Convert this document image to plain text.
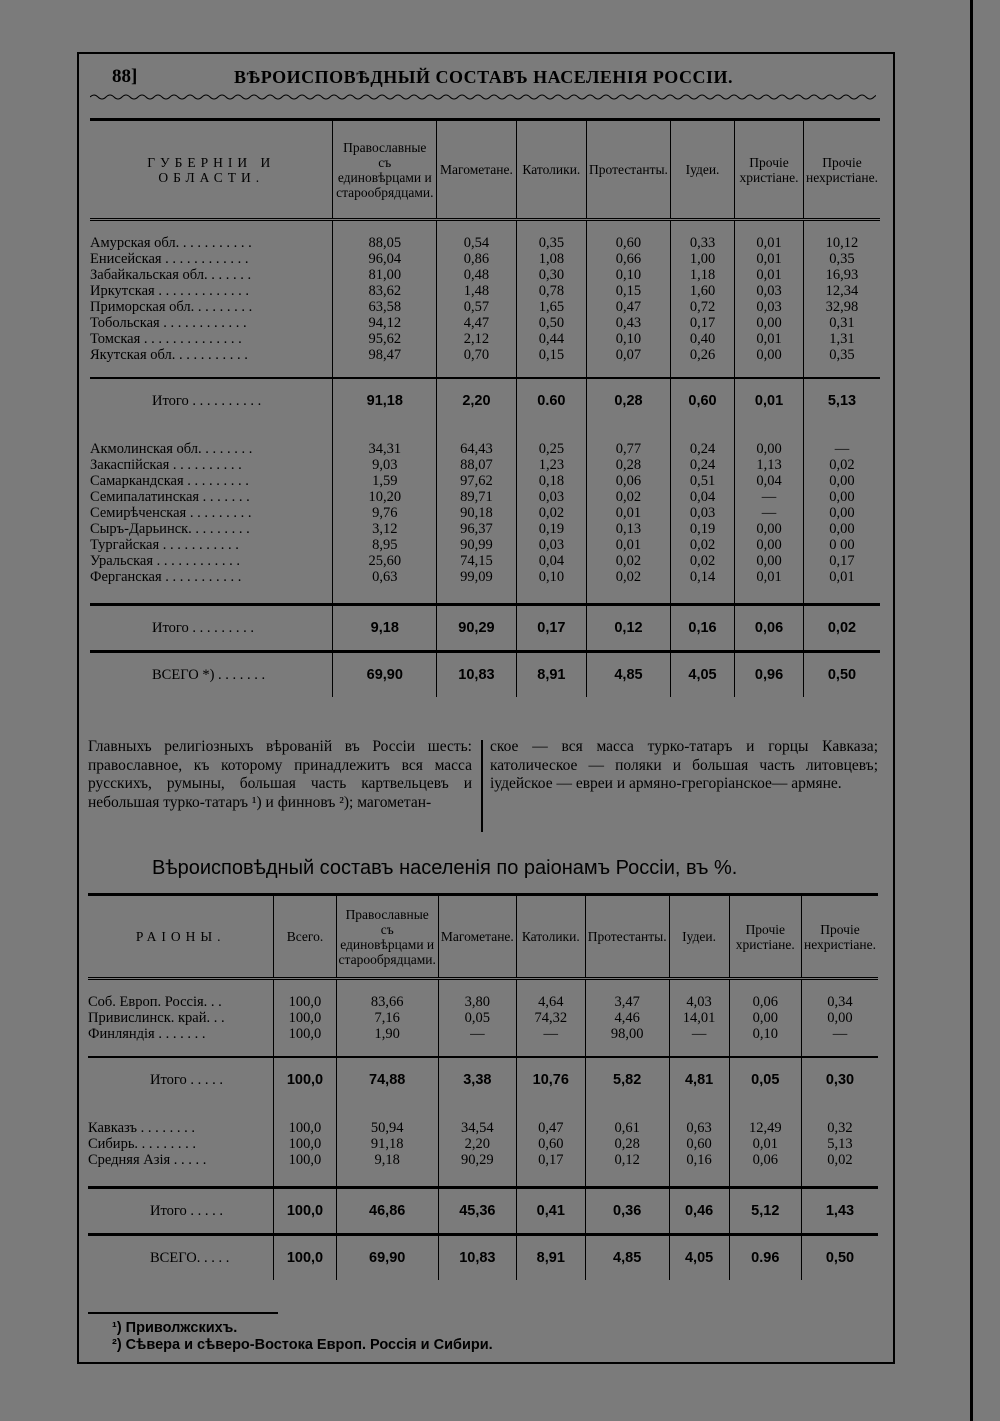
88]	ВѢРОИСПОВѢДНЫЙ СОСТАВЪ НАСЕЛЕНІЯ РОССІИ.
ГУБЕРНІИ И ОБЛАСТИ.	Православные съ единовѣрцами и старообрядцами.	Магометане.	Католики.	Протестанты.	Іудеи.	Прочіе христіане.	Прочіе нехристіане.

Амурская обл. . . . . . . . . . .	88,05	0,54	0,35	0,60	0,33	0,01	10,12
Енисейская . . . . . . . . . . . .	96,04	0,86	1,08	0,66	1,00	0,01	0,35
Забайкальская обл. . . . . . .	81,00	0,48	0,30	0,10	1,18	0,01	16,93
Иркутская . . . . . . . . . . . . .	83,62	1,48	0,78	0,15	1,60	0,03	12,34
Приморская обл. . . . . . . . .	63,58	0,57	1,65	0,47	0,72	0,03	32,98
Тобольская . . . . . . . . . . . .	94,12	4,47	0,50	0,43	0,17	0,00	0,31
Томская . . . . . . . . . . . . . .	95,62	2,12	0,44	0,10	0,40	0,01	1,31
Якутская обл. . . . . . . . . . .	98,47	0,70	0,15	0,07	0,26	0,00	0,35

Итого . . . . . . . . . .	91,18	2,20	0.60	0,28	0,60	0,01	5,13

Акмолинская обл. . . . . . . .	34,31	64,43	0,25	0,77	0,24	0,00	—
Закаспійская . . . . . . . . . .	9,03	88,07	1,23	0,28	0,24	1,13	0,02
Самаркандская . . . . . . . . .	1,59	97,62	0,18	0,06	0,51	0,04	0,00
Семипалатинская . . . . . . .	10,20	89,71	0,03	0,02	0,04	—	0,00
Семирѣченская . . . . . . . . .	9,76	90,18	0,02	0,01	0,03	—	0,00
Сыръ-Дарьинск. . . . . . . . .	3,12	96,37	0,19	0,13	0,19	0,00	0,00
Тургайская . . . . . . . . . . .	8,95	90,99	0,03	0,01	0,02	0,00	0 00
Уральская . . . . . . . . . . . .	25,60	74,15	0,04	0,02	0,02	0,00	0,17
Ферганская . . . . . . . . . . .	0,63	99,09	0,10	0,02	0,14	0,01	0,01

Итого . . . . . . . . .	9,18	90,29	0,17	0,12	0,16	0,06	0,02
ВСЕГО *) . . . . . . .	69,90	10,83	8,91	4,85	4,05	0,96	0,50
Главныхъ религіозныхъ вѣрованій въ Россіи шесть: православное, къ которому принадлежитъ вся масса русскихъ, румыны, большая часть картвельцевъ и небольшая турко-татаръ ¹) и финновъ ²); магометан-
ское — вся масса турко-татаръ и горцы Кавказа; католическое — поляки и большая часть литовцевъ; іудейское — евреи и армяно-грегоріанское— армяне.
Вѣроисповѣдный составъ населенія по раіонамъ Россіи, въ %.
РАІОНЫ.	Всего.	Православные съ единовѣрцами и старообрядцами.	Магометане.	Католики.	Протестанты.	Іудеи.	Прочіе христіане.	Прочіе нехристіане.

Соб. Европ. Россія. . .	100,0	83,66	3,80	4,64	3,47	4,03	0,06	0,34
Привислинск. край. . .	100,0	7,16	0,05	74,32	4,46	14,01	0,00	0,00
Финляндія . . . . . . .	100,0	1,90	—	—	98,00	—	0,10	—

Итого . . . . .	100,0	74,88	3,38	10,76	5,82	4,81	0,05	0,30

Кавказъ . . . . . . . .	100,0	50,94	34,54	0,47	0,61	0,63	12,49	0,32
Сибирь. . . . . . . . .	100,0	91,18	2,20	0,60	0,28	0,60	0,01	5,13
Средняя Азія . . . . .	100,0	9,18	90,29	0,17	0,12	0,16	0,06	0,02

Итого . . . . .	100,0	46,86	45,36	0,41	0,36	0,46	5,12	1,43
ВСЕГО. . . . .	100,0	69,90	10,83	8,91	4,85	4,05	0.96	0,50
¹) Приволжскихъ.
²) Сѣвера и сѣверо-Востока Европ. Россія и Сибири.
